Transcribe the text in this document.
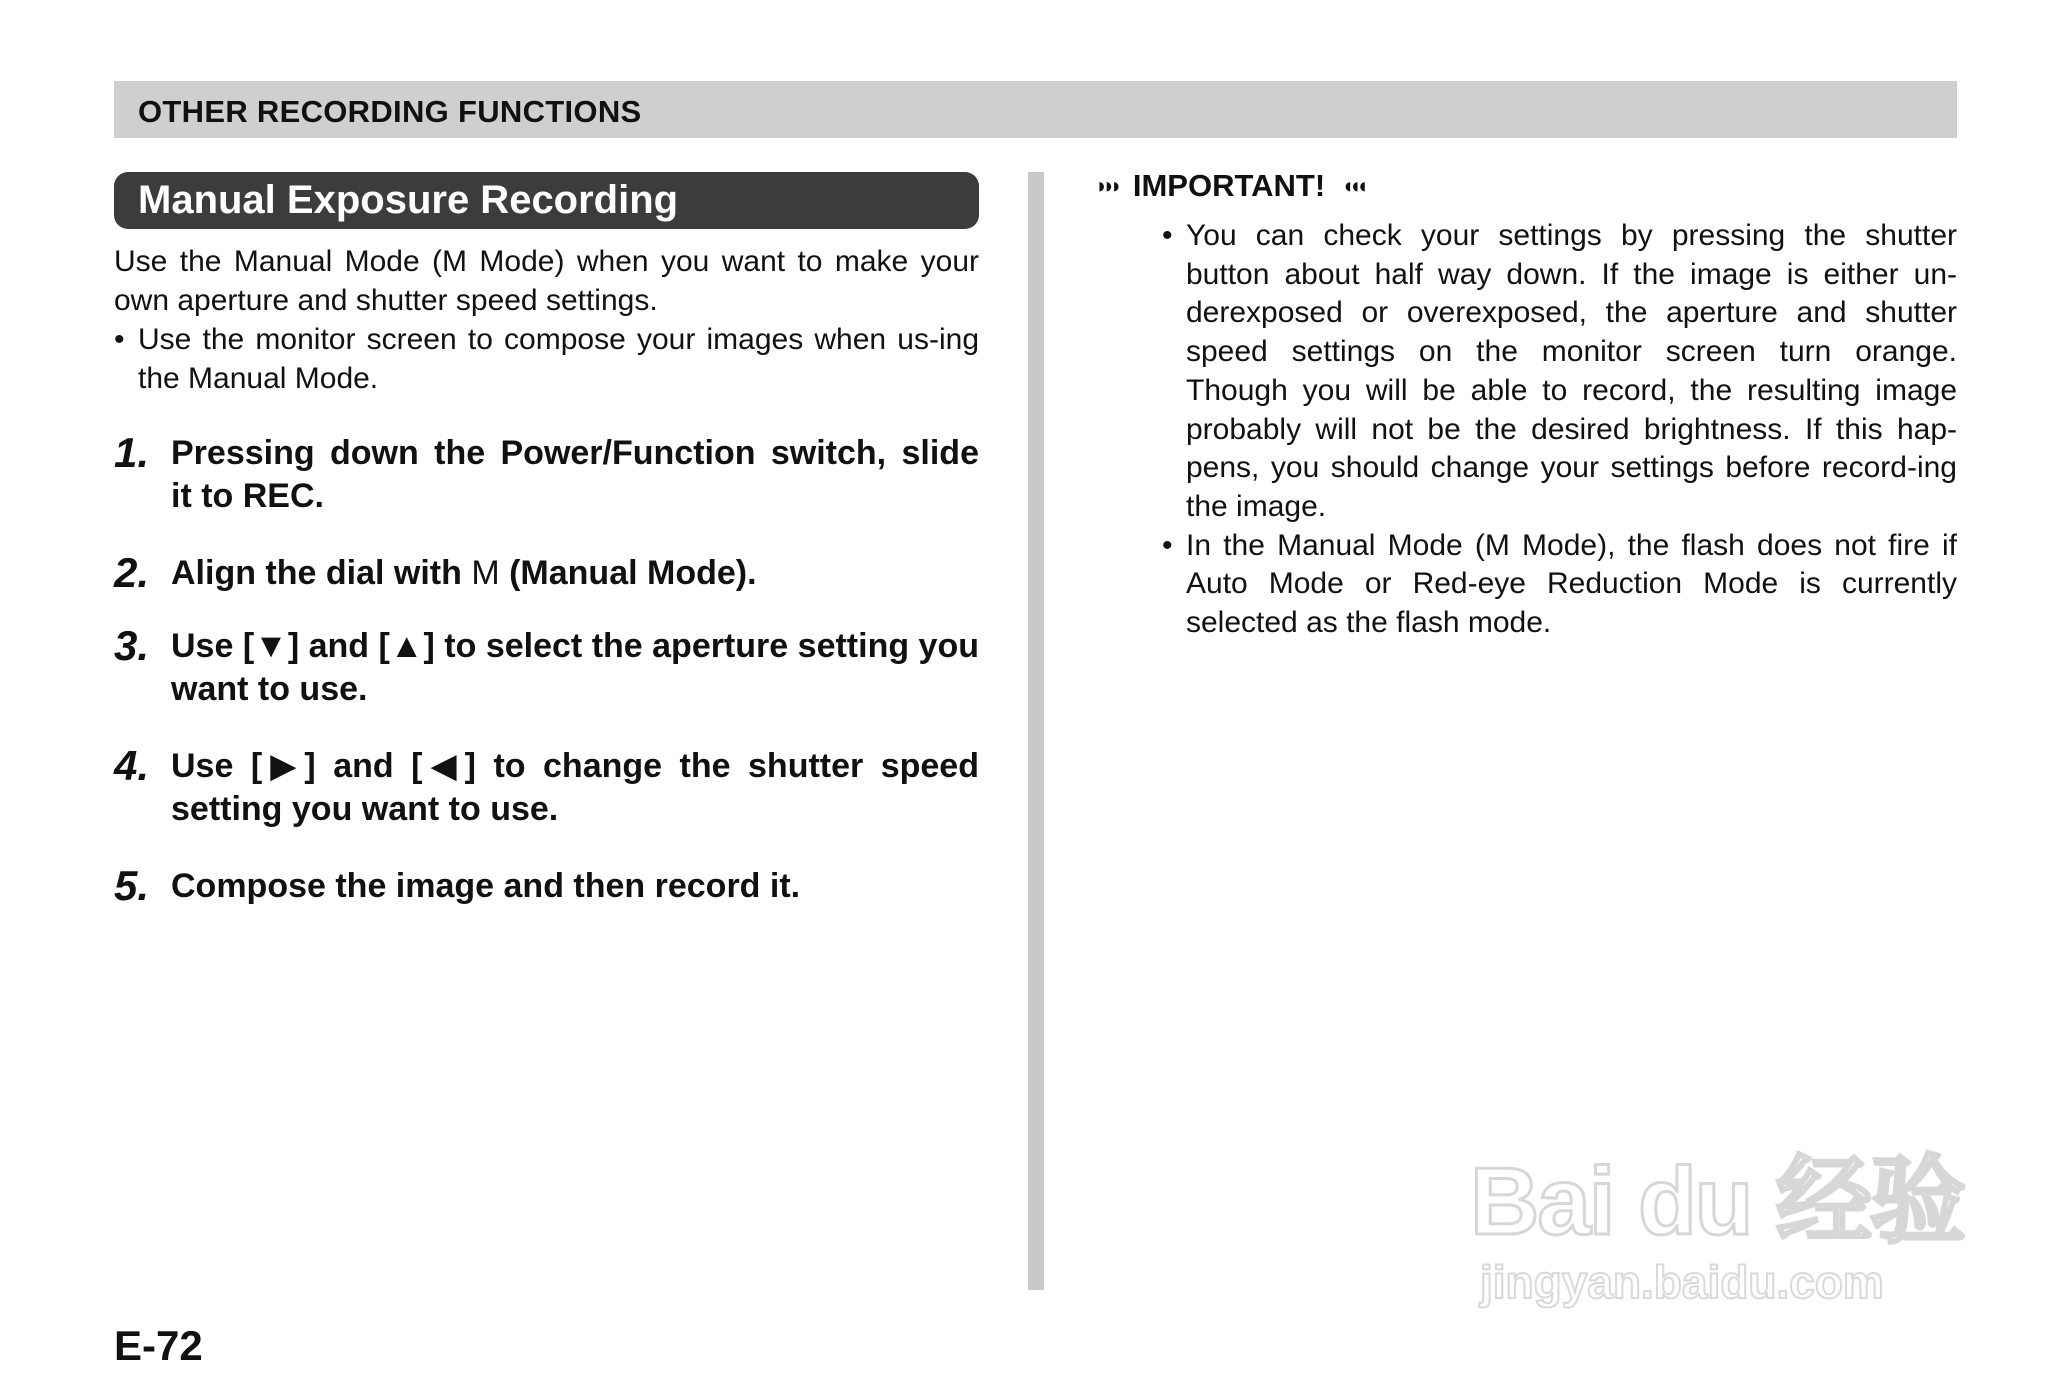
OTHER RECORDING FUNCTIONS
Manual Exposure Recording

Use the Manual Mode (M Mode) when you want to make your own aperture and shutter speed settings.

• Use the monitor screen to compose your images when us-ing the Manual Mode.
1. Pressing down the Power/Function switch, slide it to REC.
2. Align the dial with M (Manual Mode).
3. Use [▼] and [▲] to select the aperture setting you want to use.
4. Use [▶] and [◀] to change the shutter speed setting you want to use.
5. Compose the image and then record it.
◗◗◗ IMPORTANT! ◖◖◖
• You can check your settings by pressing the shutter button about half way down. If the image is either un-derexposed or overexposed, the aperture and shutter speed settings on the monitor screen turn orange. Though you will be able to record, the resulting image probably will not be the desired brightness. If this hap-pens, you should change your settings before record-ing the image.
• In the Manual Mode (M Mode), the flash does not fire if Auto Mode or Red-eye Reduction Mode is currently selected as the flash mode.
Bai du 经验
jingyan.baidu.com
E-72
